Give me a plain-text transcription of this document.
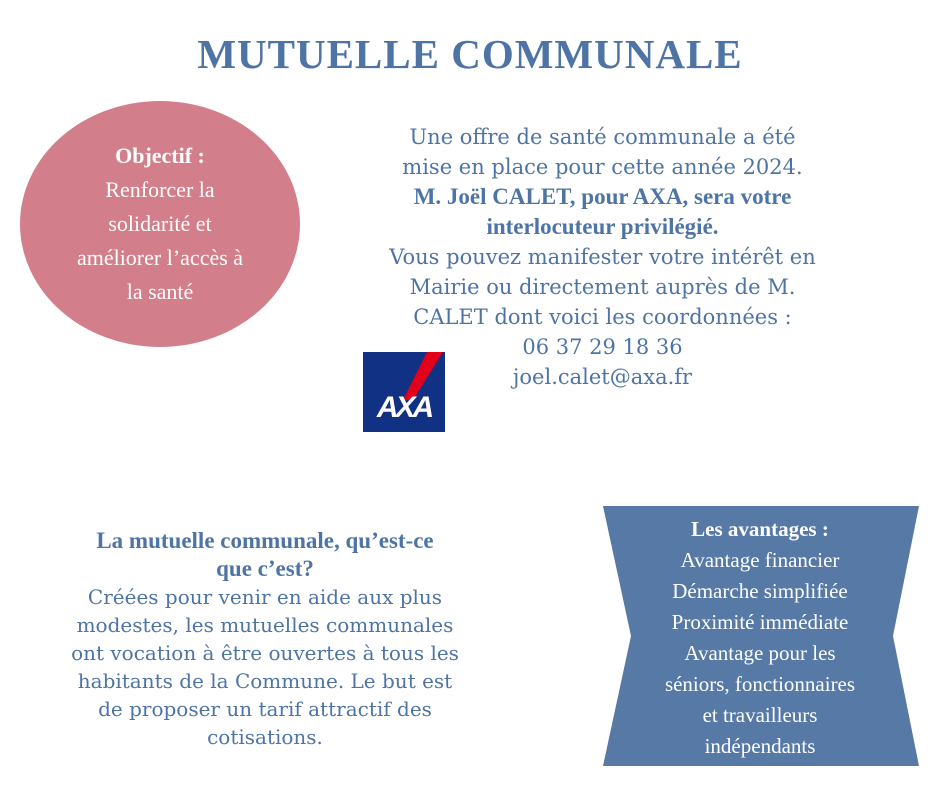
MUTUELLE COMMUNALE
Objectif :
Renforcer la
solidarité et
améliorer l’accès à
la santé
Une offre de santé communale a été
mise en place pour cette année 2024.
M. Joël CALET, pour AXA, sera votre
interlocuteur privilégié.
Vous pouvez manifester votre intérêt en
Mairie ou directement auprès de M.
CALET dont voici les coordonnées :
06 37 29 18 36
joel.calet@axa.fr
AXA
La mutuelle communale, qu’est-ce
que c’est?
Créées pour venir en aide aux plus
modestes, les mutuelles communales
ont vocation à être ouvertes à tous les
habitants de la Commune. Le but est
de proposer un tarif attractif des
cotisations.
Les avantages :
Avantage financier
Démarche simplifiée
Proximité immédiate
Avantage pour les
séniors, fonctionnaires
et travailleurs
indépendants
